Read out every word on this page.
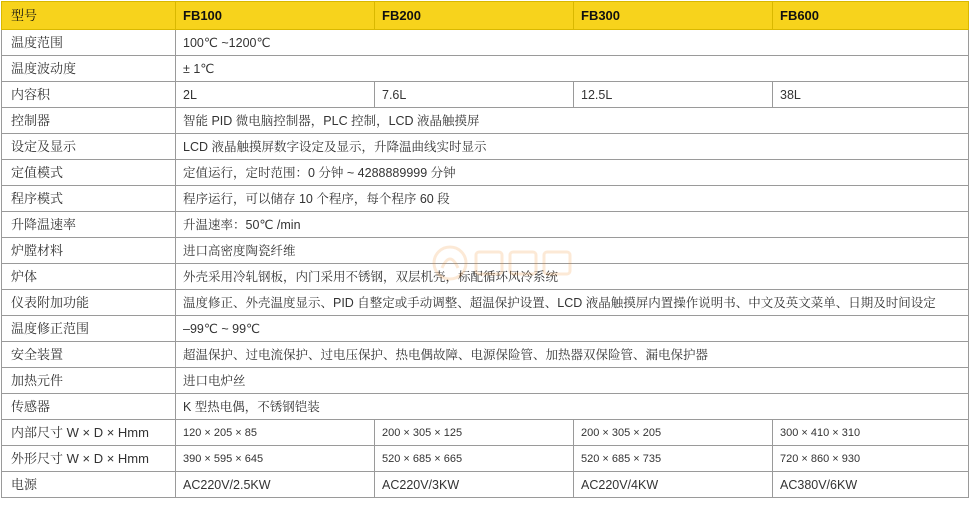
型号	FB100	FB200	FB300	FB600
温度范围	100℃ ~1200℃			
温度波动度	± 1℃			
内容积	2L	7.6L	12.5L	38L
控制器	智能 PID 微电脑控制器，PLC 控制，LCD 液晶触摸屏			
设定及显示	LCD 液晶触摸屏数字设定及显示，升降温曲线实时显示			
定值模式	定值运行，定时范围：0 分钟 ~ 4288889999 分钟			
程序模式	程序运行，可以储存 10 个程序，每个程序 60 段			
升降温速率	升温速率：50℃ /min			
炉膛材料	进口高密度陶瓷纤维			
炉体	外壳采用冷轧钢板，内门采用不锈钢，双层机壳，标配循环风冷系统			
仪表附加功能	温度修正、外壳温度显示、PID 自整定或手动调整、超温保护设置、LCD 液晶触摸屏内置操作说明书、中文及英文菜单、日期及时间设定			
温度修正范围	–99℃ ~ 99℃			
安全装置	超温保护、过电流保护、过电压保护、热电偶故障、电源保险管、加热器双保险管、漏电保护器			
加热元件	进口电炉丝			
传感器	K 型热电偶，不锈钢铠装			
内部尺寸 W × D × Hmm	120 × 205 × 85	200 × 305 × 125	200 × 305 × 205	300 × 410 × 310
外形尺寸 W × D × Hmm	390 × 595 × 645	520 × 685 × 665	520 × 685 × 735	720 × 860 × 930
电源	AC220V/2.5KW	AC220V/3KW	AC220V/4KW	AC380V/6KW
